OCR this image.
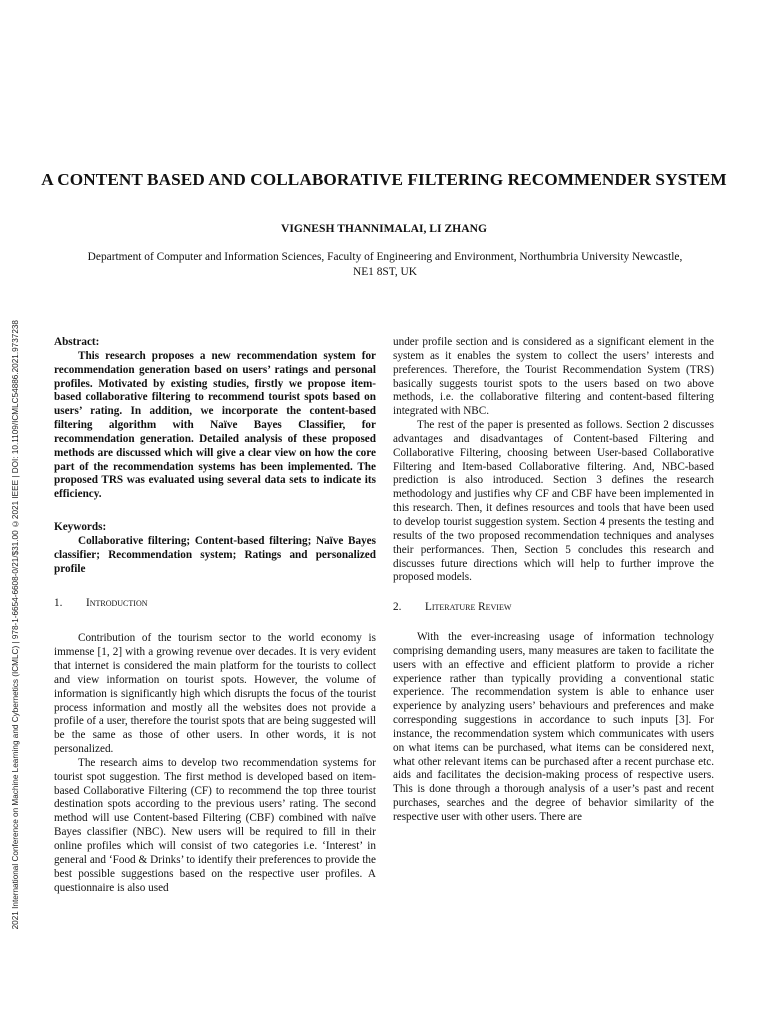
2021 International Conference on Machine Learning and Cybernetics (ICMLC) | 978-1-6654-6608-0/21/$31.00 ©2021 IEEE | DOI: 10.1109/ICMLC54886.2021.9737238
A CONTENT BASED AND COLLABORATIVE FILTERING RECOMMENDER SYSTEM
VIGNESH THANNIMALAI, LI ZHANG
Department of Computer and Information Sciences, Faculty of Engineering and Environment, Northumbria University Newcastle, NE1 8ST, UK

Abstract:

This research proposes a new recommendation system for recommendation generation based on users’ ratings and personal profiles. Motivated by existing studies, firstly we propose item-based collaborative filtering to recommend tourist spots based on users’ rating. In addition, we incorporate the content-based filtering algorithm with Naïve Bayes Classifier, for recommendation generation. Detailed analysis of these proposed methods are discussed which will give a clear view on how the core part of the recommendation systems has been implemented. The proposed TRS was evaluated using several data sets to indicate its efficiency.

Keywords:

Collaborative filtering; Content-based filtering; Naïve Bayes classifier; Recommendation system; Ratings and personalized profile

1. Introduction

Contribution of the tourism sector to the world economy is immense [1, 2] with a growing revenue over decades. It is very evident that internet is considered the main platform for the tourists to collect and view information on tourist spots. However, the volume of information is significantly high which disrupts the focus of the tourist process information and mostly all the websites does not provide a profile of a user, therefore the tourist spots that are being suggested will be the same as those of other users. In other words, it is not personalized.

The research aims to develop two recommendation systems for tourist spot suggestion. The first method is developed based on item-based Collaborative Filtering (CF) to recommend the top three tourist destination spots according to the previous users’ rating. The second method will use Content-based Filtering (CBF) combined with naïve Bayes classifier (NBC). New users will be required to fill in their online profiles which will consist of two categories i.e. ‘Interest’ in general and ‘Food & Drinks’ to identify their preferences to provide the best possible suggestions based on the respective user profiles. A questionnaire is also used

under profile section and is considered as a significant element in the system as it enables the system to collect the users’ interests and preferences. Therefore, the Tourist Recommendation System (TRS) basically suggests tourist spots to the users based on two above methods, i.e. the collaborative filtering and content-based filtering integrated with NBC.

The rest of the paper is presented as follows. Section 2 discusses advantages and disadvantages of Content-based Filtering and Collaborative Filtering, choosing between User-based Collaborative Filtering and Item-based Collaborative filtering. And, NBC-based prediction is also introduced. Section 3 defines the research methodology and justifies why CF and CBF have been implemented in this research. Then, it defines resources and tools that have been used to develop tourist suggestion system. Section 4 presents the testing and results of the two proposed recommendation techniques and analyses their performances. Then, Section 5 concludes this research and discusses future directions which will help to further improve the proposed models.

2. Literature Review

With the ever-increasing usage of information technology comprising demanding users, many measures are taken to facilitate the users with an effective and efficient platform to provide a richer experience rather than typically providing a conventional static experience. The recommendation system is able to enhance user experience by analyzing users’ behaviours and preferences and make corresponding suggestions in accordance to such inputs [3]. For instance, the recommendation system which communicates with users on what items can be purchased, what items can be considered next, what other relevant items can be purchased after a recent purchase etc. aids and facilitates the decision-making process of respective users. This is done through a thorough analysis of a user’s past and recent purchases, searches and the degree of behavior similarity of the respective user with other users. There are
